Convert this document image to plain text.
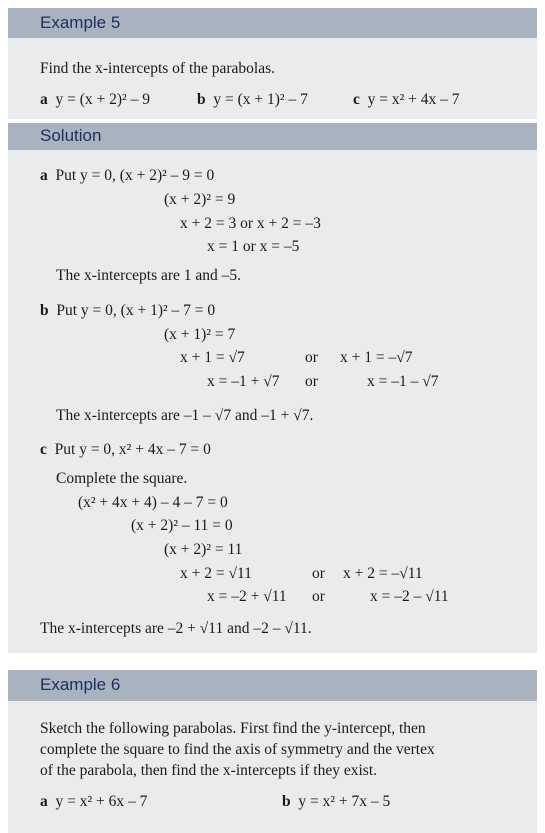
Example 5
Find the x-intercepts of the parabolas.
a y = (x + 2)² – 9	b y = (x + 1)² – 7	c y = x² + 4x – 7
Solution
a Put y = 0, (x + 2)² – 9 = 0
(x + 2)² = 9
x + 2 = 3 or x + 2 = –3
x = 1 or x = –5
The x-intercepts are 1 and –5.
b Put y = 0, (x + 1)² – 7 = 0
(x + 1)² = 7
x + 1 = √7	or x + 1 = –√7
x = –1 + √7 or	x = –1 – √7
The x-intercepts are –1 – √7 and –1 + √7.
c Put y = 0, x² + 4x – 7 = 0
Complete the square.
(x² + 4x + 4) – 4 – 7 = 0
(x + 2)² – 11 = 0
(x + 2)² = 11
x + 2 = √11	or x + 2 = –√11
x = –2 + √11 or	x = –2 – √11
The x-intercepts are –2 + √11 and –2 – √11.
Example 6
Sketch the following parabolas. First find the y-intercept, then
complete the square to find the axis of symmetry and the vertex
of the parabola, then find the x-intercepts if they exist.
a y = x² + 6x – 7	b y = x² + 7x – 5
